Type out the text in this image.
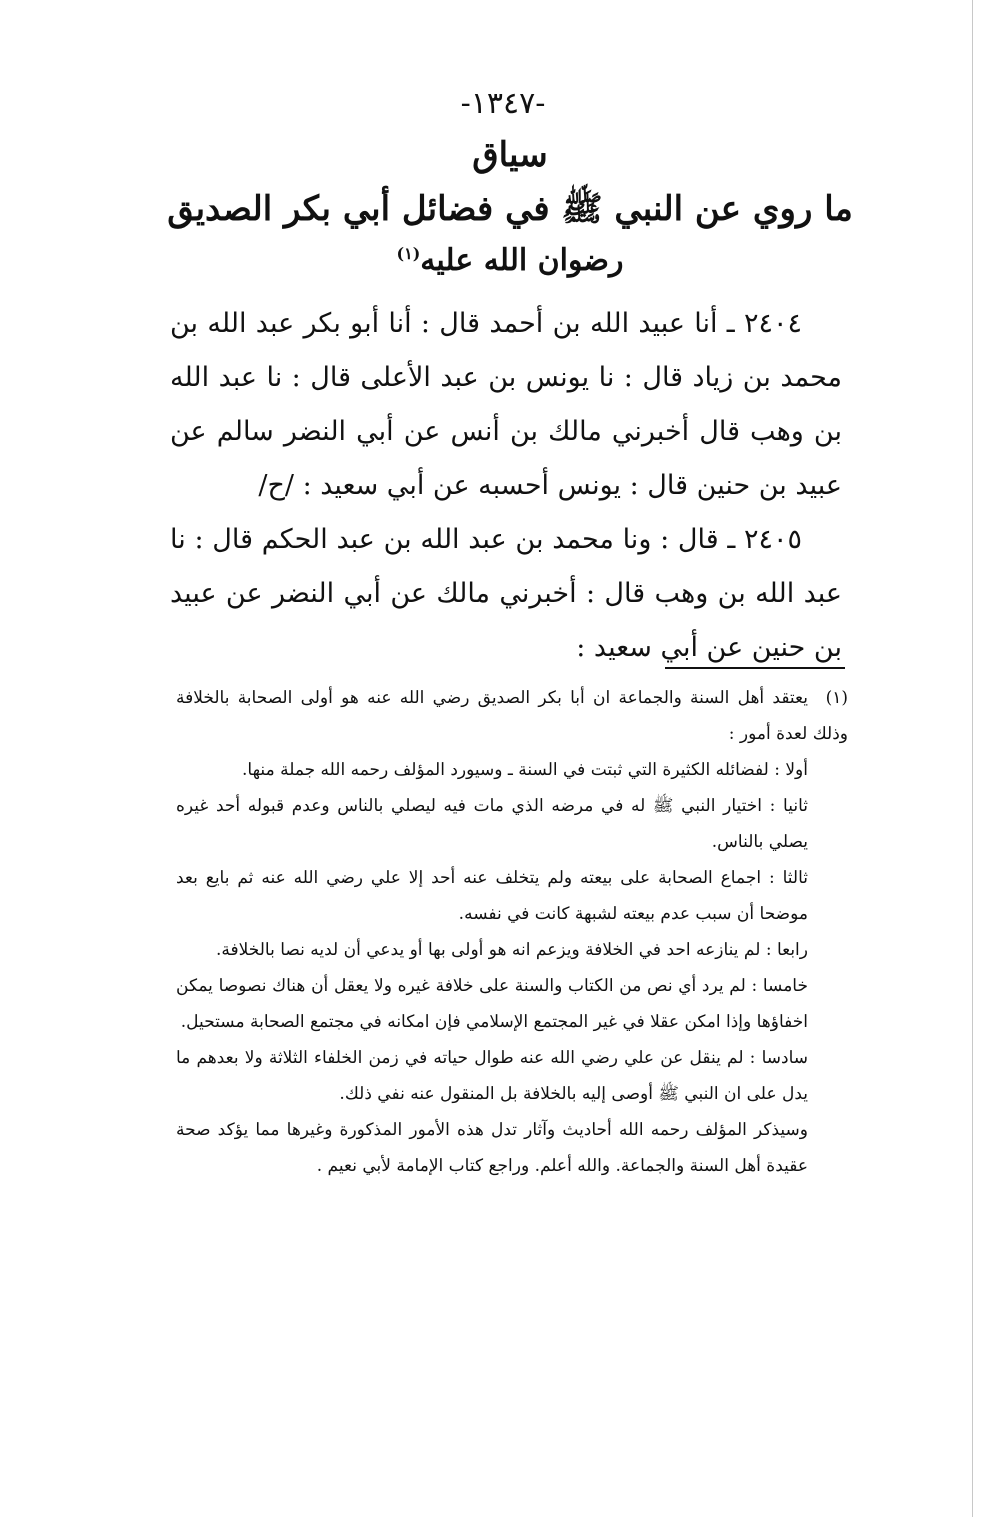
-١٣٤٧-
سياق
ما روي عن النبي ﷺ في فضائل أبي بكر الصديق
رضوان الله عليه$^{(١)}$

٢٤٠٤ ـ أنا عبيد الله بن أحمد قال : أنا أبو بكر عبد الله بن محمد بن زياد قال : نا يونس بن عبد الأعلى قال : نا عبد الله بن وهب قال أخبرني مالك بن أنس عن أبي النضر سالم عن عبيد بن حنين قال : يونس أحسبه عن أبي سعيد : /ح/

٢٤٠٥ ـ قال : ونا محمد بن عبد الله بن عبد الحكم قال : نا عبد الله بن وهب قال : أخبرني مالك عن أبي النضر عن عبيد بن حنين عن أبي سعيد :

(١)يعتقد أهل السنة والجماعة ان أبا بكر الصديق رضي الله عنه هو أولى الصحابة بالخلافة وذلك لعدة أمور :

أولا : لفضائله الكثيرة التي ثبتت في السنة ـ وسيورد المؤلف رحمه الله جملة منها.

ثانيا : اختيار النبي ﷺ له في مرضه الذي مات فيه ليصلي بالناس وعدم قبوله أحد غيره يصلي بالناس.

ثالثا : اجماع الصحابة على بيعته ولم يتخلف عنه أحد إلا علي رضي الله عنه ثم بايع بعد موضحا أن سبب عدم بيعته لشبهة كانت في نفسه.

رابعا : لم ينازعه احد في الخلافة ويزعم انه هو أولى بها أو يدعي أن لديه نصا بالخلافة.

خامسا : لم يرد أي نص من الكتاب والسنة على خلافة غيره ولا يعقل أن هناك نصوصا يمكن اخفاؤها وإذا امكن عقلا في غير المجتمع الإسلامي فإن امكانه في مجتمع الصحابة مستحيل.

سادسا : لم ينقل عن علي رضي الله عنه طوال حياته في زمن الخلفاء الثلاثة ولا بعدهم ما يدل على ان النبي ﷺ أوصى إليه بالخلافة بل المنقول عنه نفي ذلك.

وسيذكر المؤلف رحمه الله أحاديث وآثار تدل هذه الأمور المذكورة وغيرها مما يؤكد صحة عقيدة أهل السنة والجماعة. والله أعلم. وراجع كتاب الإمامة لأبي نعيم .
